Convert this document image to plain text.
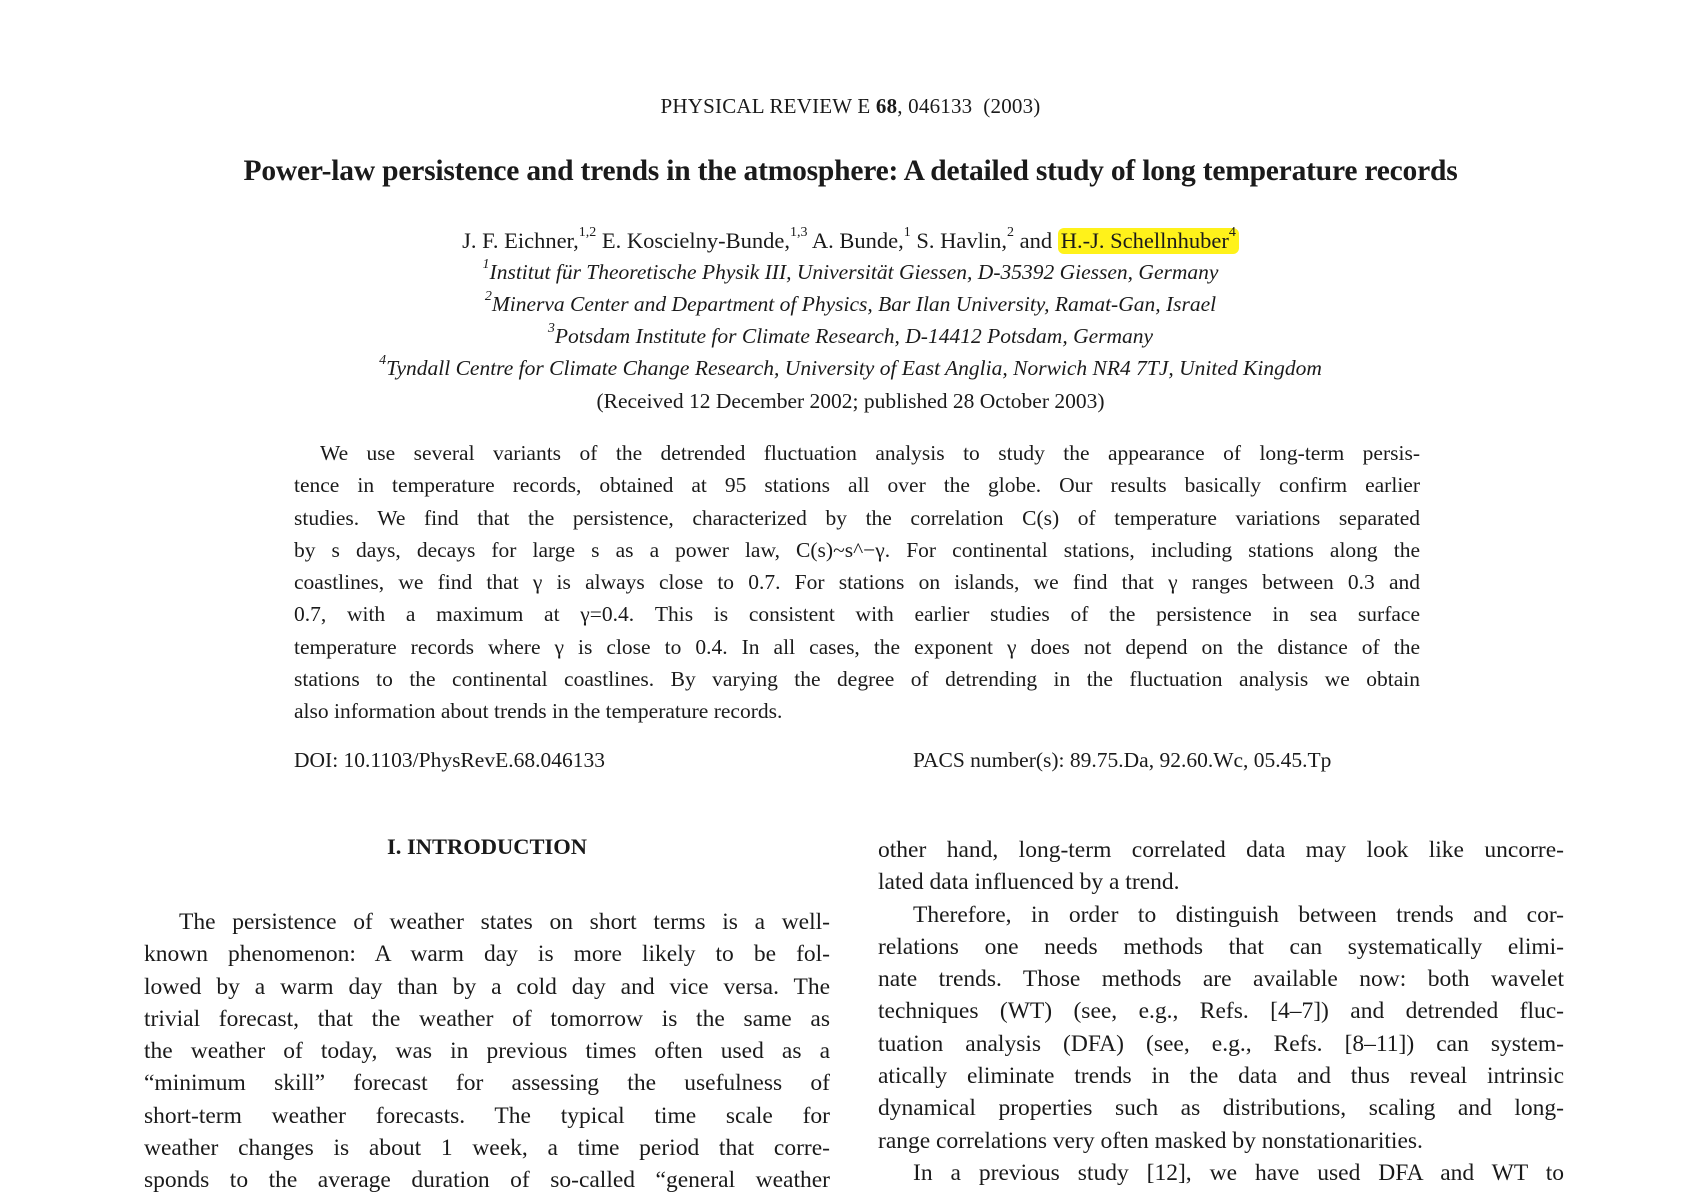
PHYSICAL REVIEW E 68, 046133 (2003)
Power-law persistence and trends in the atmosphere: A detailed study of long temperature records
J. F. Eichner,$^{1,2}$ E. Koscielny-Bunde,$^{1,3}$ A. Bunde,$^1$ S. Havlin,$^2$ and H.-J. Schellnhuber$^4$
$^1$Institut für Theoretische Physik III, Universität Giessen, D-35392 Giessen, Germany
$^2$Minerva Center and Department of Physics, Bar Ilan University, Ramat-Gan, Israel
$^3$Potsdam Institute for Climate Research, D-14412 Potsdam, Germany
$^4$Tyndall Centre for Climate Change Research, University of East Anglia, Norwich NR4 7TJ, United Kingdom
(Received 12 December 2002; published 28 October 2003)
We use several variants of the detrended fluctuation analysis to study the appearance of long-term persis-
tence in temperature records, obtained at 95 stations all over the globe. Our results basically confirm earlier
studies. We find that the persistence, characterized by the correlation C(s) of temperature variations separated
by s days, decays for large s as a power law, C(s)~s^−γ. For continental stations, including stations along the
coastlines, we find that γ is always close to 0.7. For stations on islands, we find that γ ranges between 0.3 and
0.7, with a maximum at γ=0.4. This is consistent with earlier studies of the persistence in sea surface
temperature records where γ is close to 0.4. In all cases, the exponent γ does not depend on the distance of the
stations to the continental coastlines. By varying the degree of detrending in the fluctuation analysis we obtain
also information about trends in the temperature records.
DOI: 10.1103/PhysRevE.68.046133	PACS number(s): 89.75.Da, 92.60.Wc, 05.45.Tp
I. INTRODUCTION
The persistence of weather states on short terms is a well-
known phenomenon: A warm day is more likely to be fol-
lowed by a warm day than by a cold day and vice versa. The
trivial forecast, that the weather of tomorrow is the same as
the weather of today, was in previous times often used as a
“minimum skill” forecast for assessing the usefulness of
short-term weather forecasts. The typical time scale for
weather changes is about 1 week, a time period that corre-
sponds to the average duration of so-called “general weather
other hand, long-term correlated data may look like uncorre-
lated data influenced by a trend.
Therefore, in order to distinguish between trends and cor-
relations one needs methods that can systematically elimi-
nate trends. Those methods are available now: both wavelet
techniques (WT) (see, e.g., Refs. [4–7]) and detrended fluc-
tuation analysis (DFA) (see, e.g., Refs. [8–11]) can system-
atically eliminate trends in the data and thus reveal intrinsic
dynamical properties such as distributions, scaling and long-
range correlations very often masked by nonstationarities.
In a previous study [12], we have used DFA and WT to
